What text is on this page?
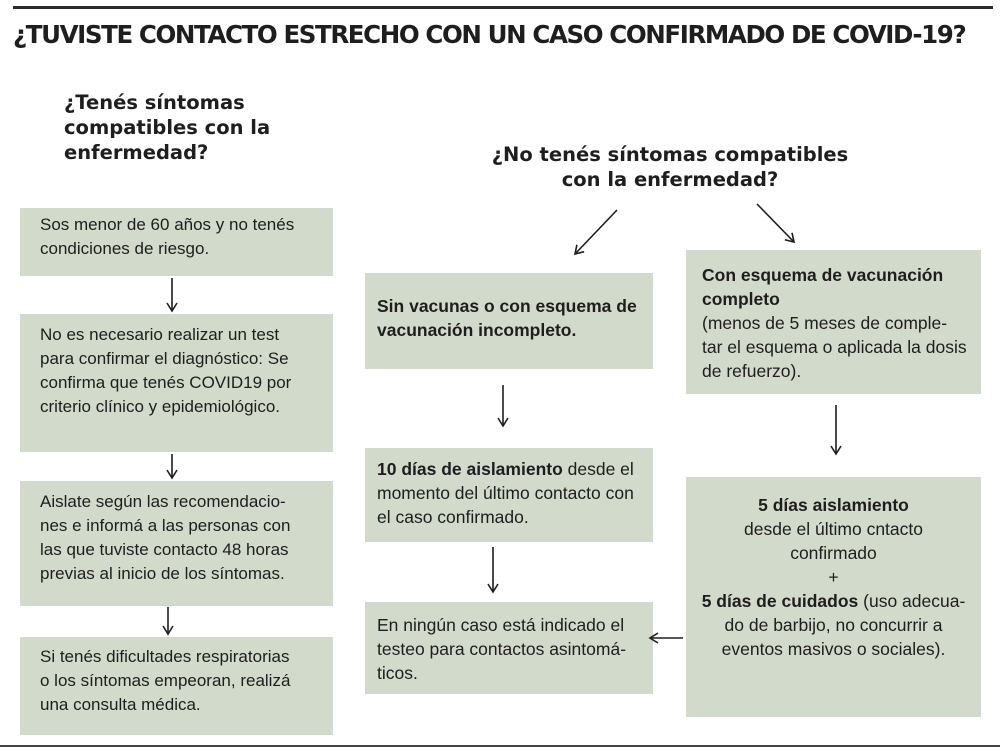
¿TUVISTE CONTACTO ESTRECHO CON UN CASO CONFIRMADO DE COVID-19?
¿Tenés síntomas
compatibles con la
enfermedad?	¿No tenés síntomas compatibles
con la enfermedad?
Sos menor de 60 años y no tenés
condiciones de riesgo.
No es necesario realizar un test
para confirmar el diagnóstico: Se
confirma que tenés COVID19 por
criterio clínico y epidemiológico.
Aislate según las recomendacio-
nes e informá a las personas con
las que tuviste contacto 48 horas
previas al inicio de los síntomas.
Si tenés dificultades respiratorias
o los síntomas empeoran, realizá
una consulta médica.
Sin vacunas o con esquema de
vacunación incompleto.
10 días de aislamiento desde el
momento del último contacto con
el caso confirmado.
En ningún caso está indicado el
testeo para contactos asintomá-
ticos.
Con esquema de vacunación
completo
(menos de 5 meses de comple-
tar el esquema o aplicada la dosis
de refuerzo).
5 días aislamiento
desde el último cntacto
confirmado
+
5 días de cuidados (uso adecua-
do de barbijo, no concurrir a
eventos masivos o sociales).
